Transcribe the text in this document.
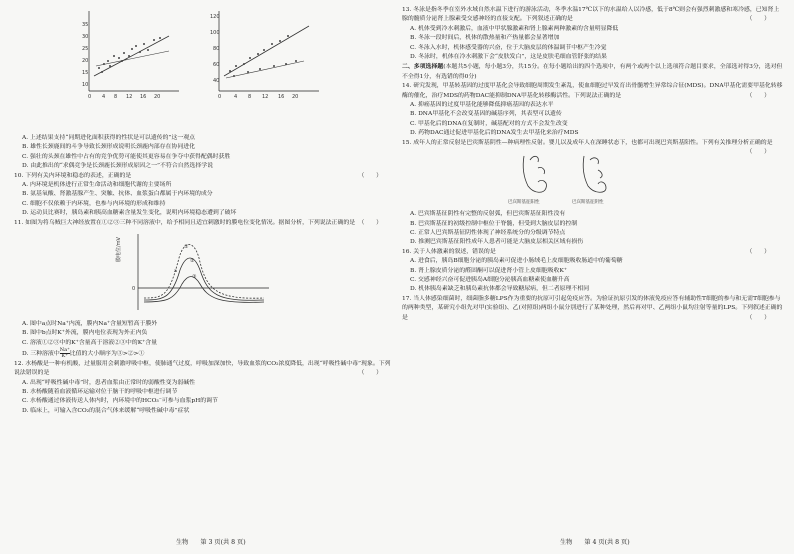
35
30
25
20
15
10
0 4 8 12 16 20
120
100
80
60
40
0	4 8 12 16 20

A. 上述结果支持“同期进化面积获得的性状是可以遗传的”这一观点

B. 雄性长颈鹿间的斗争导致长颈形成说明长颈鹿内部存在协同进化

C. 强壮的头颈在雄性中占有的竞争优势可能使其更容易在争夺中获得配偶时获胜

D. 由此推出的“求偶竞争是长颈鹿长颈形成原因之一”不符合自然选择学说

10. 下列有关内环境和稳态的表述，正确的是	（　　）

A. 内环境是机体进行正常生命活动和细胞代谢的主要场所

B. 氨基氧酸、肾激基腺产生、突触、抗体、血浆蛋白都属于内环境的成分

C. 细胞不仅依赖于内环境，也参与内环境的形成和维持

D. 运动员比赛时，胰岛素和胰高血糖素含量发生变化，说明内环境稳态遭到了破坏

11. 如图为将乌贼巨大神经放置在①②③三种不同溶液中，给予相同且适宜刺激时的膜电位变化情况。据图分析，下列说法正确的是 （　　）

膜电位/mV
0
①
②
③
a

A. 图中a点时Na⁺内流，膜内Na⁺含量短暂高于膜外

B. 图中b点时K⁺外流，膜内电位表现为外正内负

C. 溶液①②③中的K⁺含量高于溶液②③中的K⁺含量

D. 三种溶液中 $\frac{Na^+}{K^+}$ 比值的大小顺序为③>②>①

12. 水杨酸是一种有机酸，过量服用会刺激呼吸中枢，使肺通气过度，呼吸加深加快，导致血浆的CO₂浓度降低，出现“呼吸性碱中毒”现象。下列说法错误的是	（　　）

A. 出现“呼吸性碱中毒”时，患者血浆由正常时的弱酸性变为弱碱性

B. 水杨酸随着血液循环运输对位于脑干的呼吸中枢进行调节

C. 水杨酸通过体液传送人体内时，内环境中的HCO₃⁻可参与血浆pH的调节

D. 临床上，可输入含CO₂的混合气体来缓解“呼吸性碱中毒”症状

生物 第 3 页(共 8 页)

13. 冬泳是指冬季在室外水域自然水温下进行的游泳活动，冬季水温17℃以下的水温给人以冷感，低于8℃则会有强烈刺激感和寒冷感，已知肾上腺的髓质分泌肾上腺素受交感神经的直接支配。下列叙述正确的是	（　　）

A. 机体受到冷水刺激后，血液中甲状腺激素和肾上腺素两种激素的含量明显降低

B. 冬泳一段时间后，机体的散热量和产热量都会显著增加

C. 冬泳入水时，机体感受器的兴奋，位于大脑皮层的体温调节中枢产生冷觉

D. 冬泳时，机体在冷水刺激下会“皮肤发白”，这是皮肤毛细血管舒张的结果

二、多项选择题(本题共5小题，每小题3分，共15分。在每小题给出的四个选项中，有两个或两个以上选项符合题目要求，全部选对得3分，选对但不全得1分，有选错的得0分)

14. 研究发现，甲基转基因的过度甲基化会导致细胞周期发生紊乱，使血细胞过早发育出骨髓增生异常综合征(MDS)。DNA甲基化需要甲基化转移酶的催化，治疗MDS的药物DAC能抑制DNA甲基化转移酶活性。下列说法正确的是	（　　）

A. 抑癌基因的过度甲基化能够降低抑癌基因的表达水平

B. DNA甲基化不会改变基因的碱基序列，其表型可以遗传

C. 甲基化后的DNA在复制时，碱基配对的方式不会发生改变

D. 药物DAC通过促进甲基化后的DNA发生去甲基化来治疗MDS

15. 成年人的正常反射是巴宾斯基阴性—种病理性反射。婴儿以及成年人在深睡状态下，也都可出现巴宾斯基阳性。下列有关推理分析正确的是
（　　）

巴宾斯基征阳性	巴宾斯基征阴性

A. 巴宾斯基征阴性有完整的反射弧，但巴宾斯基征阳性没有

B. 巴宾斯基征的初级控制中枢位于脊髓，但受到大脑皮层的控制

C. 正常人巴宾斯基征阴性体现了神经系统分的分级调节特点

D. 推测巴宾斯基征阳性成年人患者可能是大脑皮层相关区域有损伤

16. 关于人体激素的叙述，错误的是	（　　）

A. 进食后，胰岛B细胞分泌的胰岛素可促进小肠绒毛上皮细胞吸收肠道中的葡萄糖

B. 肾上腺皮质分泌的醛固酮可以促进肾小管上皮细胞吸收K⁺

C. 交感神经兴奋可促进胰岛A细胞分泌胰高血糖素使血糖升高

D. 机体胰岛素缺乏和胰岛素抗体都会导致糖尿病，但二者原理不相同

17. 当人体感染细菌时，细菌脂多糖LPS作为重要的抗原可引起免疫应答。为验证抗原引发的体液免疫应答有辅助性T细胞的参与和无需T细胞参与的两种类型，某研究小组先对甲(实验组)、乙(对照组)两组小鼠分别进行了某种处理，然后再对甲、乙两组小鼠均注射等量的LPS。下列叙述正确的是	（　　）

生物 第 4 页(共 8 页)
